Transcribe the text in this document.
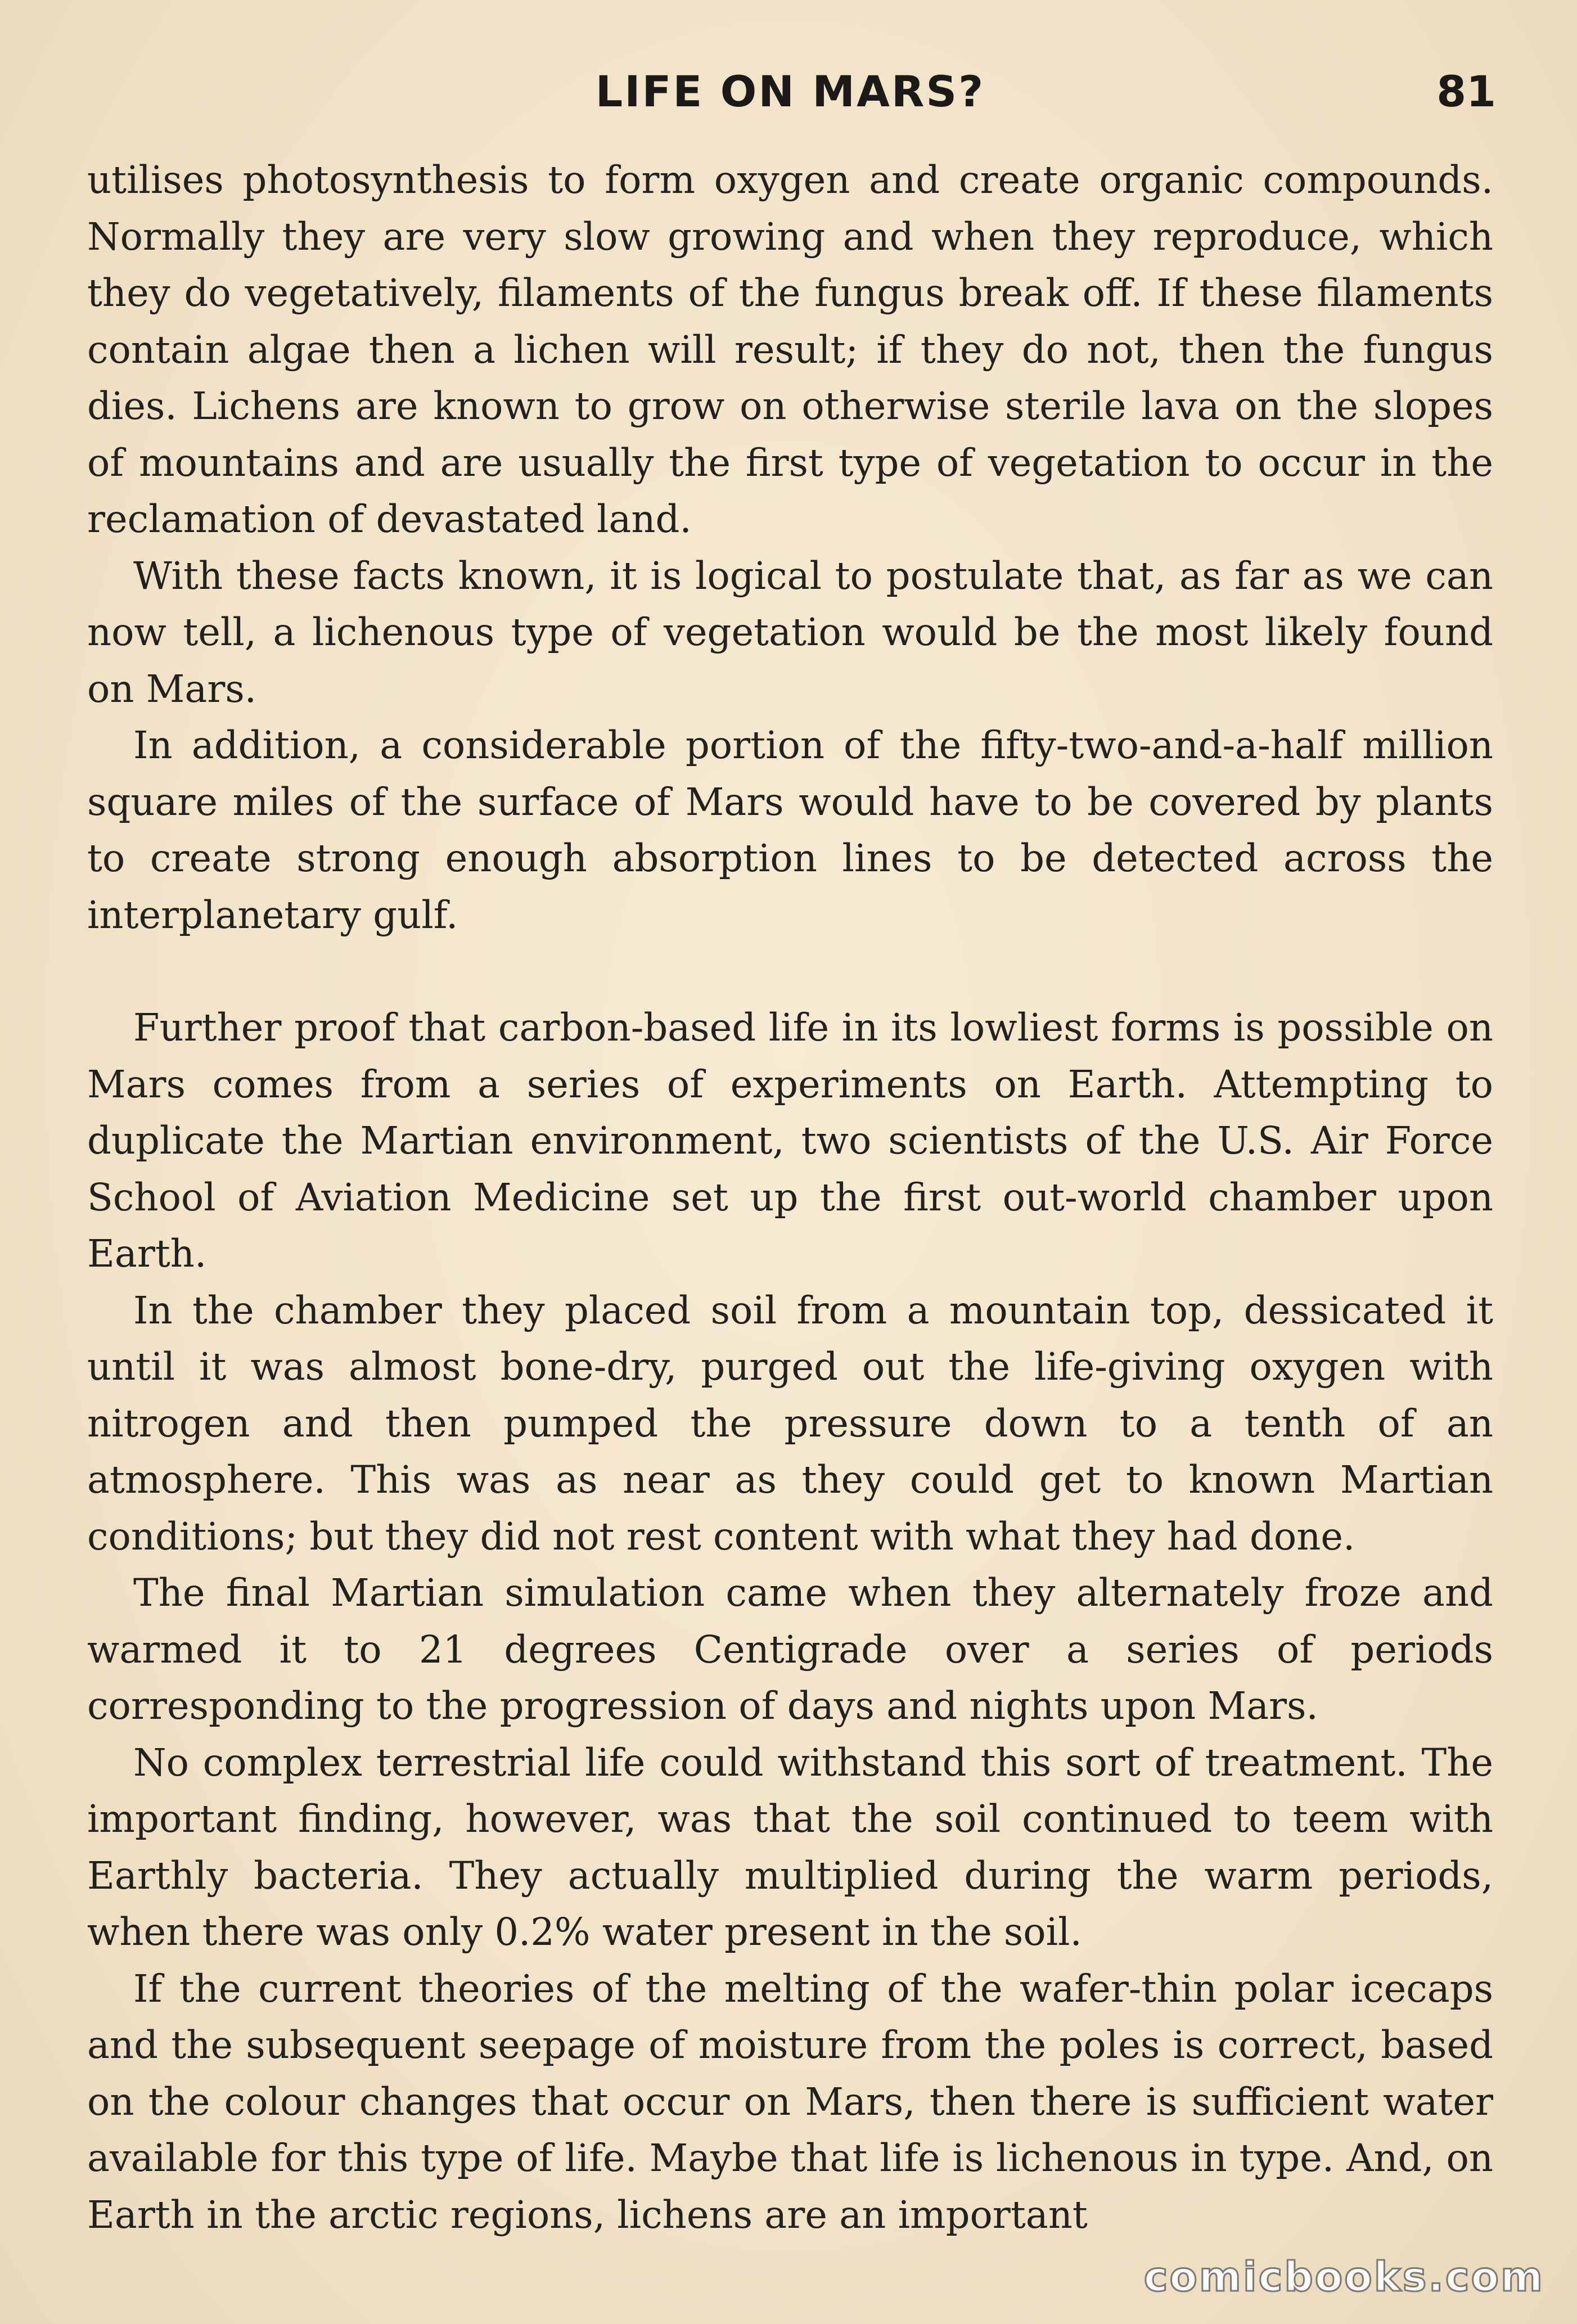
LIFE ON MARS?	81

utilises photosynthesis to form oxygen and create organic compounds. Normally they are very slow growing and when they reproduce, which they do vegetatively, filaments of the fungus break off. If these filaments contain algae then a lichen will result; if they do not, then the fungus dies. Lichens are known to grow on otherwise sterile lava on the slopes of mountains and are usually the first type of vegetation to occur in the reclamation of devastated land.

With these facts known, it is logical to postulate that, as far as we can now tell, a lichenous type of vegetation would be the most likely found on Mars.

In addition, a considerable portion of the fifty-two-and-a-half million square miles of the surface of Mars would have to be covered by plants to create strong enough absorption lines to be detected across the interplanetary gulf.

Further proof that carbon-based life in its lowliest forms is possible on Mars comes from a series of experiments on Earth. Attempting to duplicate the Martian environment, two scientists of the U.S. Air Force School of Aviation Medicine set up the first out-world chamber upon Earth.

In the chamber they placed soil from a mountain top, dessicated it until it was almost bone-dry, purged out the life-giving oxygen with nitrogen and then pumped the pressure down to a tenth of an atmosphere. This was as near as they could get to known Martian conditions; but they did not rest content with what they had done.

The final Martian simulation came when they alternately froze and warmed it to 21 degrees Centigrade over a series of periods corresponding to the progression of days and nights upon Mars.

No complex terrestrial life could withstand this sort of treatment. The important finding, however, was that the soil continued to teem with Earthly bacteria. They actually multiplied during the warm periods, when there was only 0.2% water present in the soil.

If the current theories of the melting of the wafer-thin polar icecaps and the subsequent seepage of moisture from the poles is correct, based on the colour changes that occur on Mars, then there is sufficient water available for this type of life. Maybe that life is lichenous in type. And, on Earth in the arctic regions, lichens are an important

comicbooks.com
